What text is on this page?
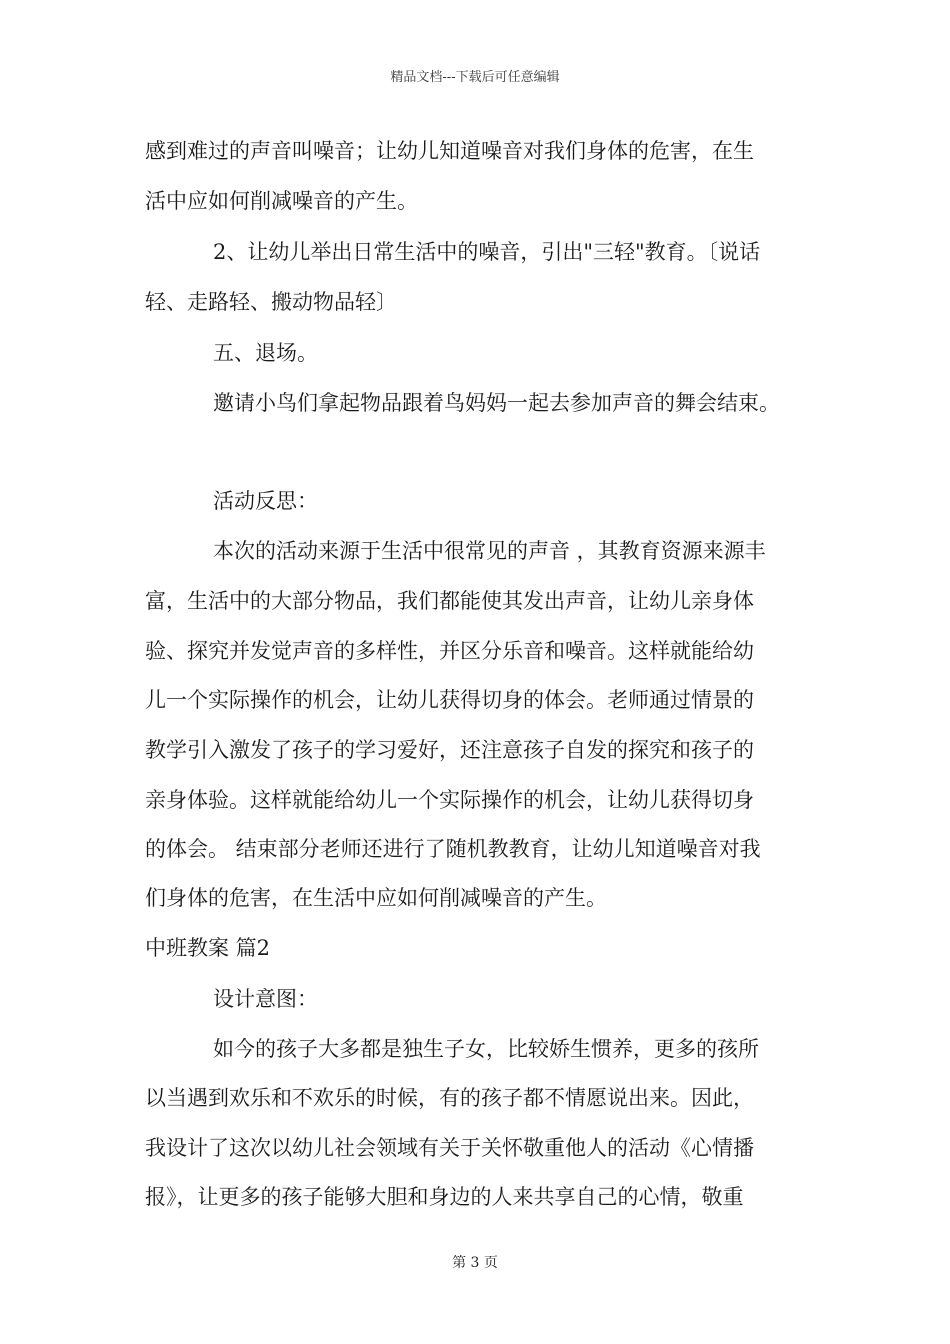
精品文档---下载后可任意编辑
感到难过的声音叫噪音；让幼儿知道噪音对我们身体的危害，在生
活中应如何削减噪音的产生。
2、让幼儿举出日常生活中的噪音，引出"三轻"教育。〔说话
轻、走路轻、搬动物品轻〕
五、退场。
邀请小鸟们拿起物品跟着鸟妈妈一起去参加声音的舞会结束。
活动反思：
本次的活动来源于生活中很常见的声音 ，其教育资源来源丰
富，生活中的大部分物品，我们都能使其发出声音，让幼儿亲身体
验、探究并发觉声音的多样性，并区分乐音和噪音。这样就能给幼
儿一个实际操作的机会，让幼儿获得切身的体会。老师通过情景的
教学引入激发了孩子的学习爱好，还注意孩子自发的探究和孩子的
亲身体验。这样就能给幼儿一个实际操作的机会，让幼儿获得切身
的体会。 结束部分老师还进行了随机教教育，让幼儿知道噪音对我
们身体的危害，在生活中应如何削减噪音的产生。
中班教案 篇2
设计意图：
如今的孩子大多都是独生子女，比较娇生惯养，更多的孩所
以当遇到欢乐和不欢乐的时候，有的孩子都不情愿说出来。因此，
我设计了这次以幼儿社会领域有关于关怀敬重他人的活动《心情播
报》，让更多的孩子能够大胆和身边的人来共享自己的心情，敬重
第 3 页
